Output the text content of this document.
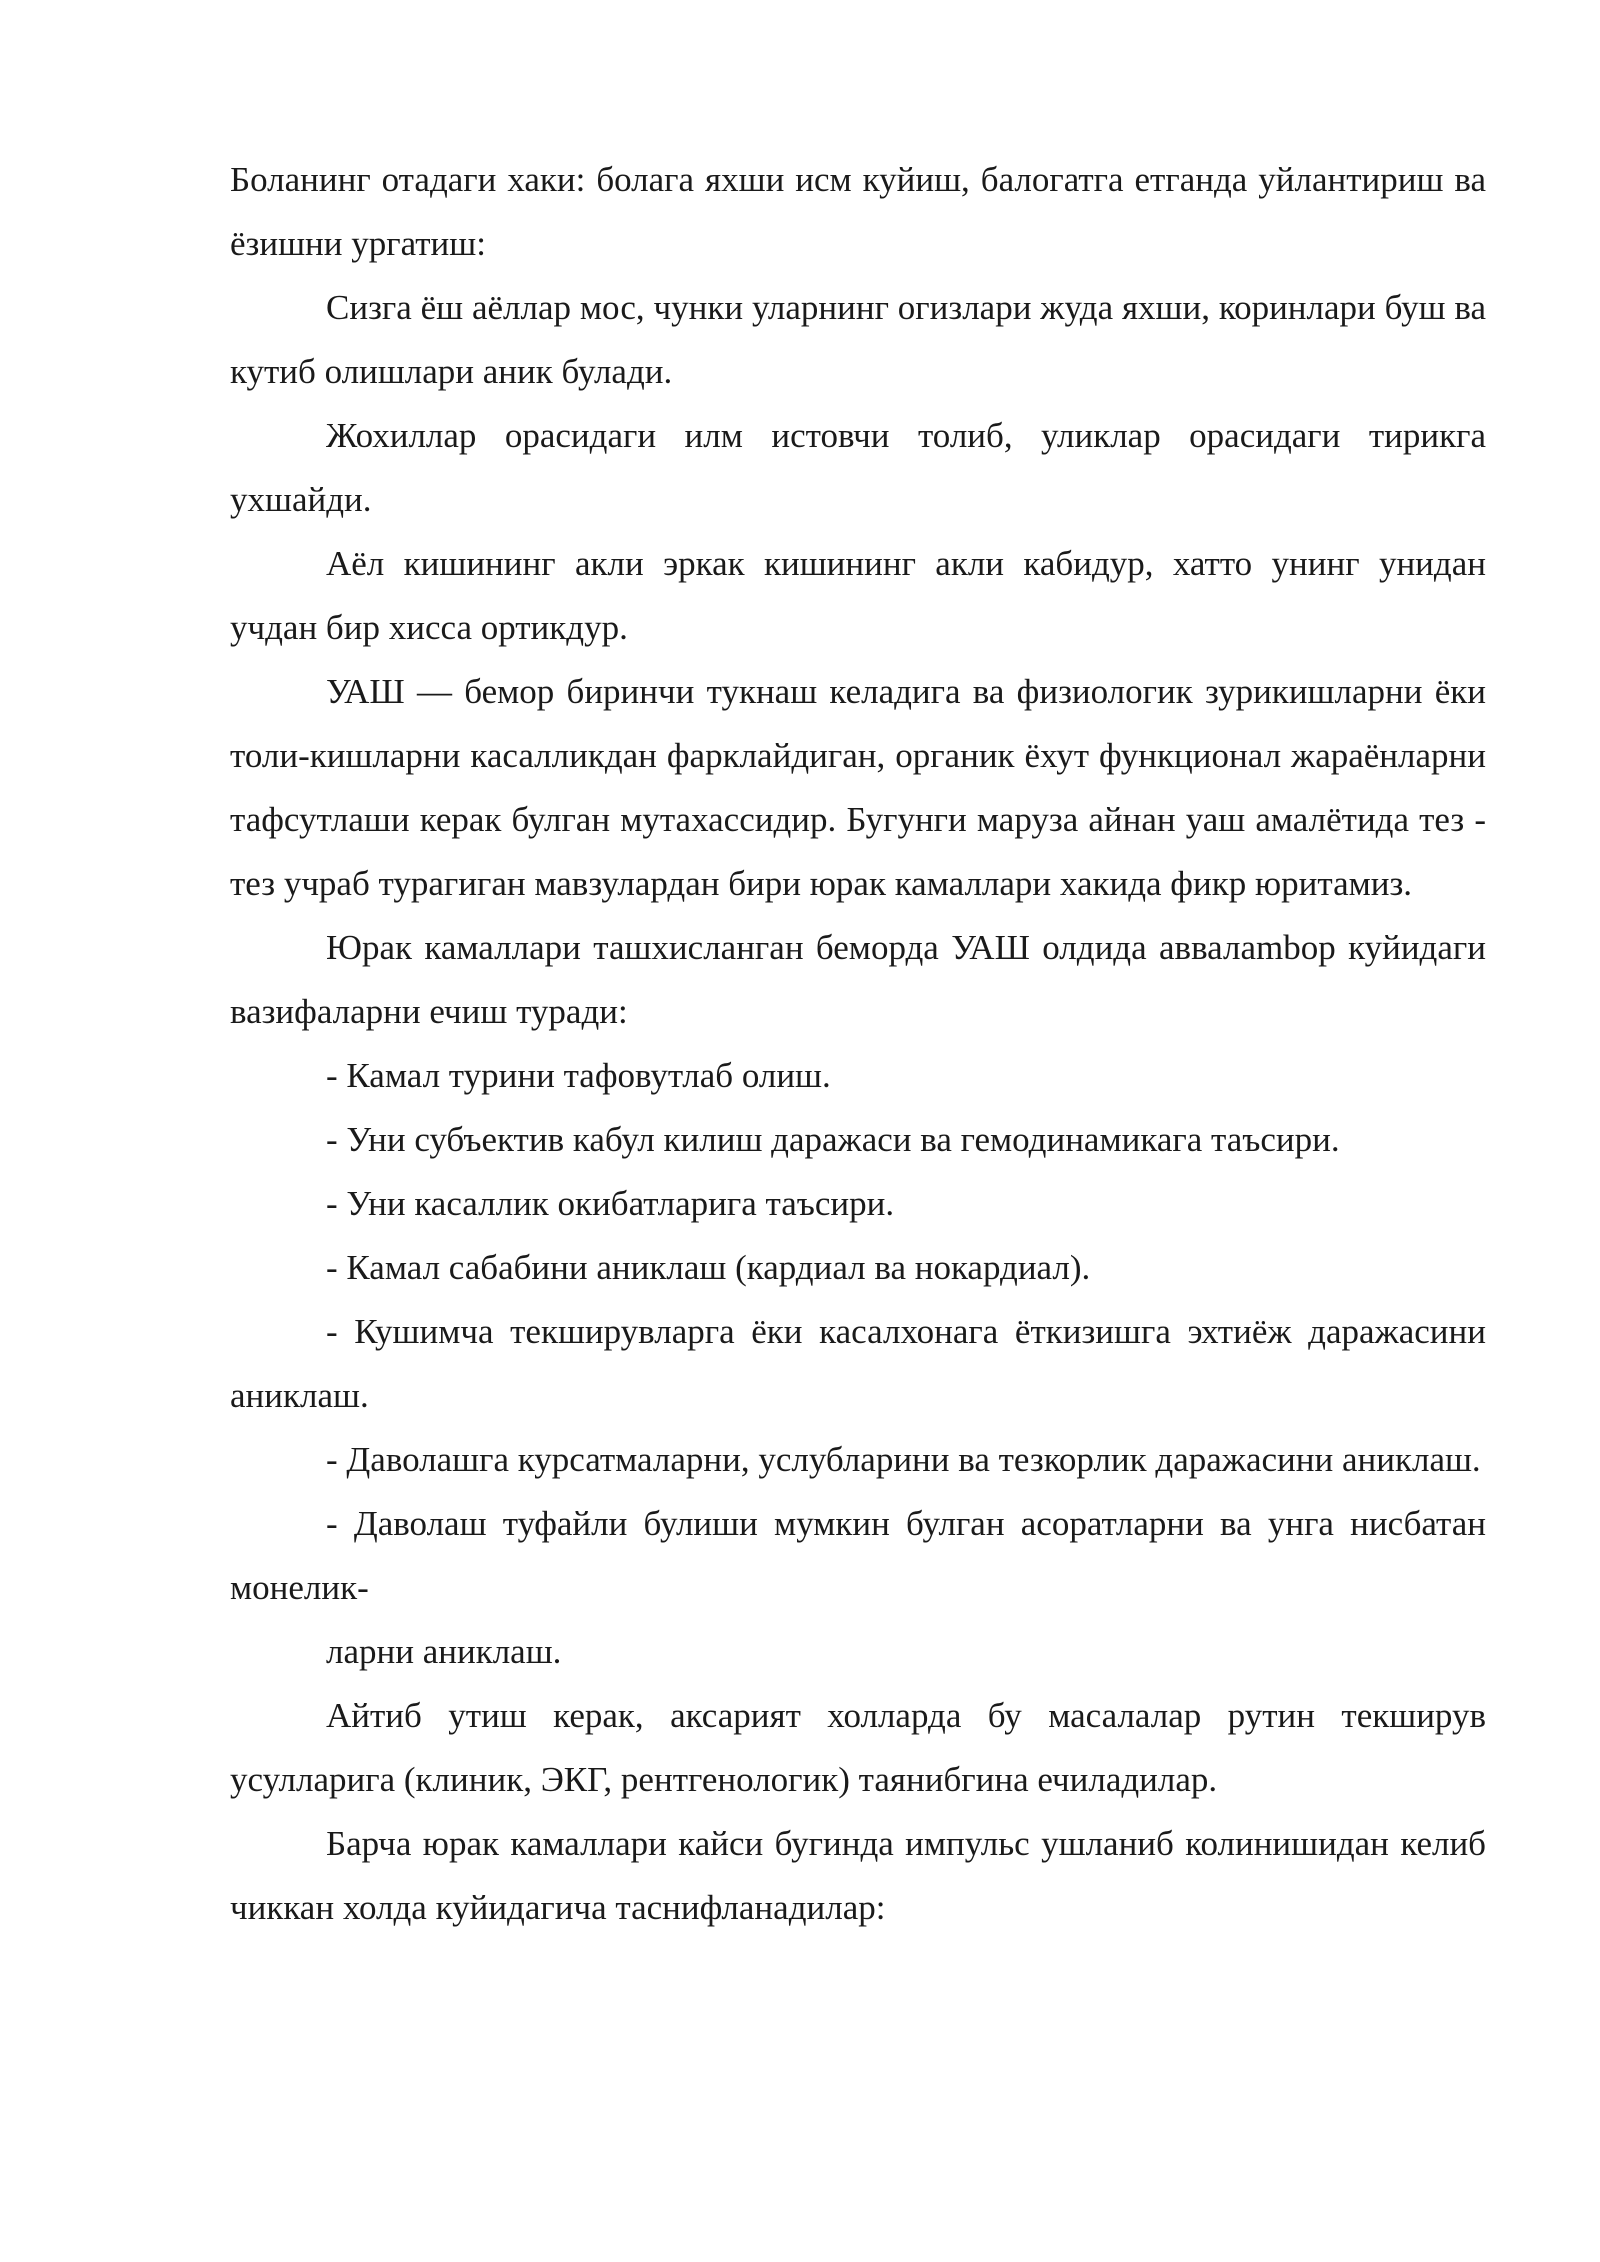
Боланинг отадаги хаки: болага яхши исм куйиш, балогатга етганда уйлантириш ва ёзишни ургатиш:

Сизга ёш аёллар мос, чунки уларнинг огизлари жуда яхши, коринлари буш ва кутиб олишлари аник булади.

Жохиллар орасидаги илм истовчи толиб, уликлар орасидаги тирикга ухшайди.

Аёл кишининг акли эркак кишининг акли кабидур, хатто унинг унидан учдан бир хисса ортикдур.

УАШ — бемор биринчи тукнаш келадига ва физиологик зурикишларни ёки толи-кишларни касалликдан фарклайдиган, органик ёхут функционал жараёнларни тафсутлаши керак булган мутахассидир. Бугунги маруза айнан уаш амалётида тез - тез учраб турагиган мавзулардан бири юрак камаллари хакида фикр юритамиз.

Юрак камаллари ташхисланган беморда УАШ олдида аввалambор куйидаги вазифаларни ечиш туради:

- Камал турини тафовутлаб олиш.

- Уни субъектив кабул килиш даражаси ва гемодинамикага таъсири.

- Уни касаллик окибатларига таъсири.

- Камал сабабини аниклаш (кардиал ва нокардиал).

- Кушимча текширувларга ёки касалхонага ёткизишга эхтиёж даражасини аниклаш.

- Даволашга курсатмаларни, услубларини ва тезкорлик даражасини аниклаш.

- Даволаш туфайли булиши мумкин булган асоратларни ва унга нисбатан монелик-

ларни аниклаш.

Айтиб утиш керак, аксарият холларда бу масалалар рутин текширув усулларига (клиник, ЭКГ, рентгенологик) таянибгина ечиладилар.

Барча юрак камаллари кайси бугинда импульс ушланиб колинишидан келиб чиккан холда куйидагича таснифланадилар:
